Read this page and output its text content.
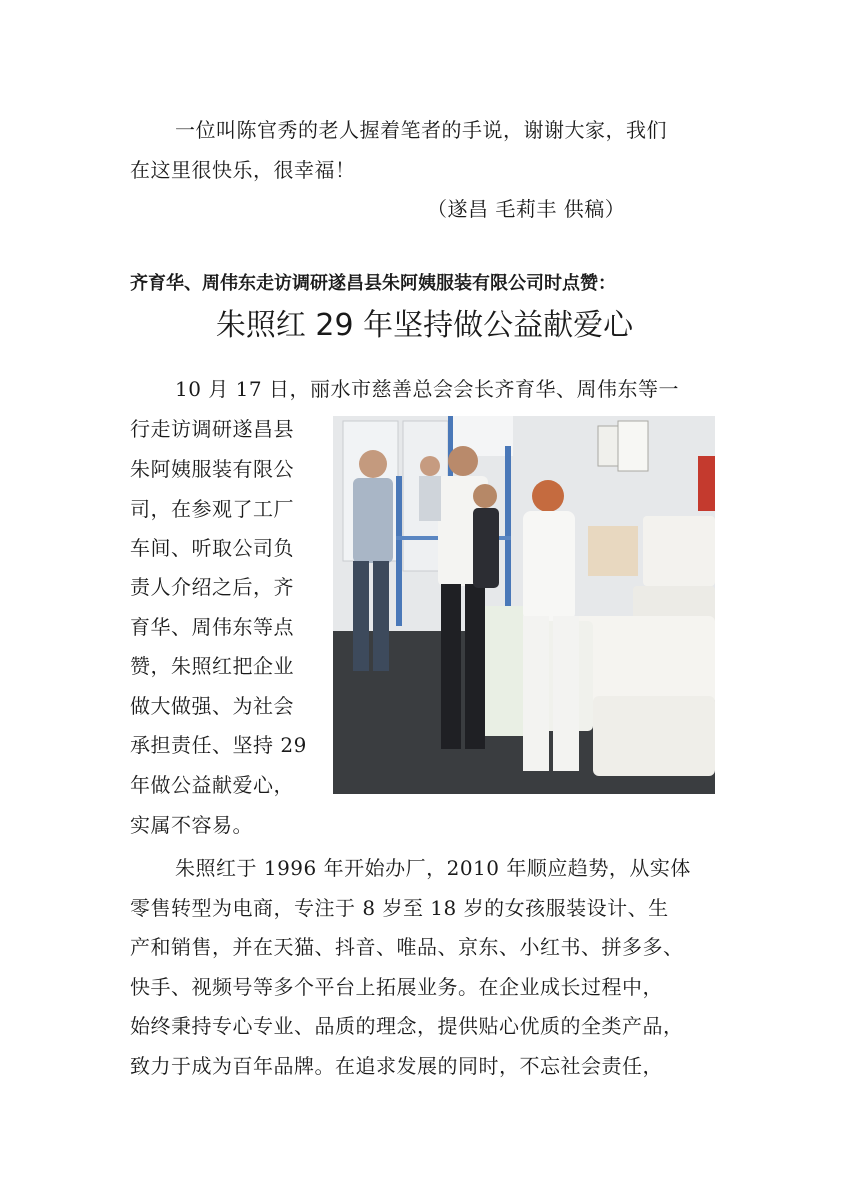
一位叫陈官秀的老人握着笔者的手说，谢谢大家，我们
在这里很快乐，很幸福！
（遂昌 毛莉丰 供稿）
齐育华、周伟东走访调研遂昌县朱阿姨服装有限公司时点赞：
朱照红 29 年坚持做公益献爱心
10 月 17 日，丽水市慈善总会会长齐育华、周伟东等一
行走访调研遂昌县
朱阿姨服装有限公
司，在参观了工厂
车间、听取公司负
责人介绍之后，齐
育华、周伟东等点
赞，朱照红把企业
做大做强、为社会
承担责任、坚持 29
年做公益献爱心，
实属不容易。
朱照红于 1996 年开始办厂，2010 年顺应趋势，从实体
零售转型为电商，专注于 8 岁至 18 岁的女孩服装设计、生
产和销售，并在天猫、抖音、唯品、京东、小红书、拼多多、
快手、视频号等多个平台上拓展业务。在企业成长过程中，
始终秉持专心专业、品质的理念，提供贴心优质的全类产品，
致力于成为百年品牌。在追求发展的同时，不忘社会责任，
